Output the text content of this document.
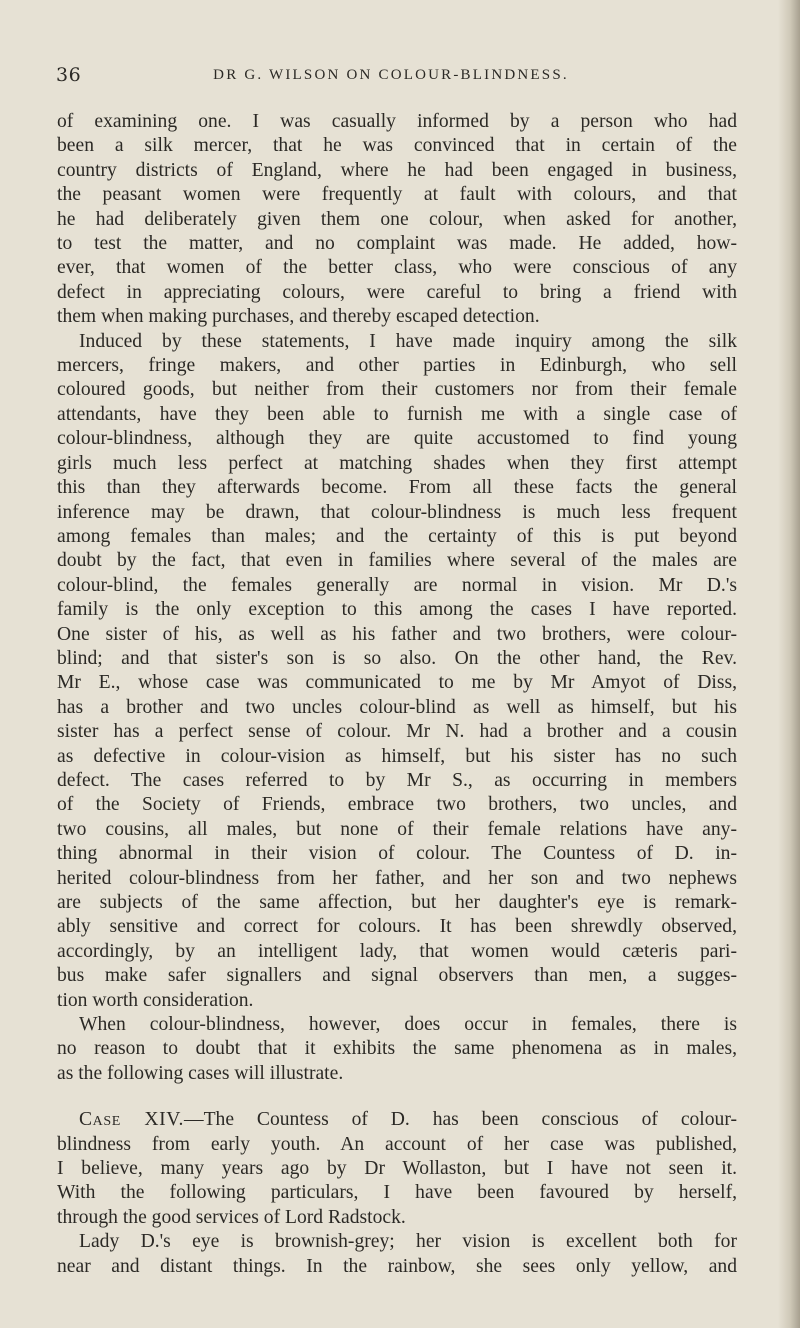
36	DR G. WILSON ON COLOUR-BLINDNESS.

of examining one. I was casually informed by a person who had
been a silk mercer, that he was convinced that in certain of the
country districts of England, where he had been engaged in business,
the peasant women were frequently at fault with colours, and that
he had deliberately given them one colour, when asked for another,
to test the matter, and no complaint was made. He added, how-
ever, that women of the better class, who were conscious of any
defect in appreciating colours, were careful to bring a friend with
them when making purchases, and thereby escaped detection.

Induced by these statements, I have made inquiry among the silk
mercers, fringe makers, and other parties in Edinburgh, who sell
coloured goods, but neither from their customers nor from their female
attendants, have they been able to furnish me with a single case of
colour-blindness, although they are quite accustomed to find young
girls much less perfect at matching shades when they first attempt
this than they afterwards become. From all these facts the general
inference may be drawn, that colour-blindness is much less frequent
among females than males; and the certainty of this is put beyond
doubt by the fact, that even in families where several of the males are
colour-blind, the females generally are normal in vision. Mr D.'s
family is the only exception to this among the cases I have reported.
One sister of his, as well as his father and two brothers, were colour-
blind; and that sister's son is so also. On the other hand, the Rev.
Mr E., whose case was communicated to me by Mr Amyot of Diss,
has a brother and two uncles colour-blind as well as himself, but his
sister has a perfect sense of colour. Mr N. had a brother and a cousin
as defective in colour-vision as himself, but his sister has no such
defect. The cases referred to by Mr S., as occurring in members
of the Society of Friends, embrace two brothers, two uncles, and
two cousins, all males, but none of their female relations have any-
thing abnormal in their vision of colour. The Countess of D. in-
herited colour-blindness from her father, and her son and two nephews
are subjects of the same affection, but her daughter's eye is remark-
ably sensitive and correct for colours. It has been shrewdly observed,
accordingly, by an intelligent lady, that women would cæteris pari-
bus make safer signallers and signal observers than men, a sugges-
tion worth consideration.

When colour-blindness, however, does occur in females, there is
no reason to doubt that it exhibits the same phenomena as in males,
as the following cases will illustrate.

Case XIV.—The Countess of D. has been conscious of colour-
blindness from early youth. An account of her case was published,
I believe, many years ago by Dr Wollaston, but I have not seen it.
With the following particulars, I have been favoured by herself,
through the good services of Lord Radstock.

Lady D.'s eye is brownish-grey; her vision is excellent both for
near and distant things. In the rainbow, she sees only yellow, and
